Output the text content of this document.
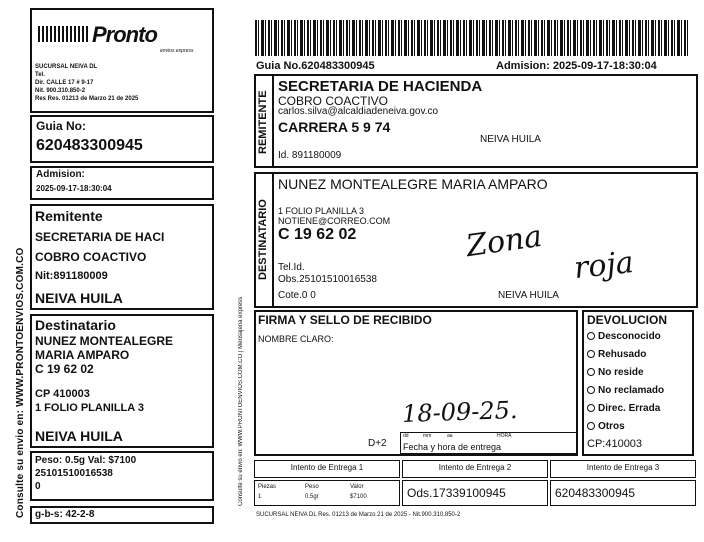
Consulte su envio en: WWW.PRONTOENVIOS.COM.CO
Pronto
envios express
SUCURSAL NEIVA DL
Tel.
Dir. CALLE 17 # 9-17
Nit. 900.310.850-2
Res Res. 01213 de Marzo 21 de 2025
Guia No:
620483300945
Admision:
2025-09-17-18:30:04
Remitente
SECRETARIA DE HACI
COBRO COACTIVO
Nit:891180009
NEIVA HUILA
Destinatario
NUNEZ MONTEALEGRE
MARIA AMPARO
C 19 62 02
CP 410003
1 FOLIO PLANILLA 3
NEIVA HUILA
Peso: 0.5g Val: $7100
25101510016538
0
g-b-s: 42-2-8
Consulte su envio en: WWW.PRONTOENVIOS.COM.CO | Mensajeria express
Guia No.620483300945	Admision: 2025-09-17-18:30:04
REMITENTE
SECRETARIA DE HACIENDA
COBRO COACTIVO
carlos.silva@alcaldiadeneiva.gov.co
CARRERA 5 9 74
NEIVA HUILA
Id. 891180009
DESTINATARIO
NUNEZ MONTEALEGRE MARIA AMPARO
1 FOLIO PLANILLA 3
NOTIENE@CORREO.COM
C 19 62 02
Tel.Id.
Obs.25101510016538
Cote.0 0	NEIVA HUILA
Zona
roja
FIRMA Y SELLO DE RECIBIDO
NOMBRE CLARO:
18-09-25.
D+2
dd	mm	aa	HORA
Fecha y hora de entrega
DEVOLUCION
Desconocido
Rehusado
No reside
No reclamado
Direc. Errada
Otros
CP:410003
Intento de Entrega 1	Intento de Entrega 2	Intento de Entrega 3
Piezas
1
Peso
0.5gr
Valor
$7100	Ods.17339100945	620483300945
SUCURSAL NEIVA DL Res. 01213 de Marzo 21 de 2025 - Nit.900.310.850-2
